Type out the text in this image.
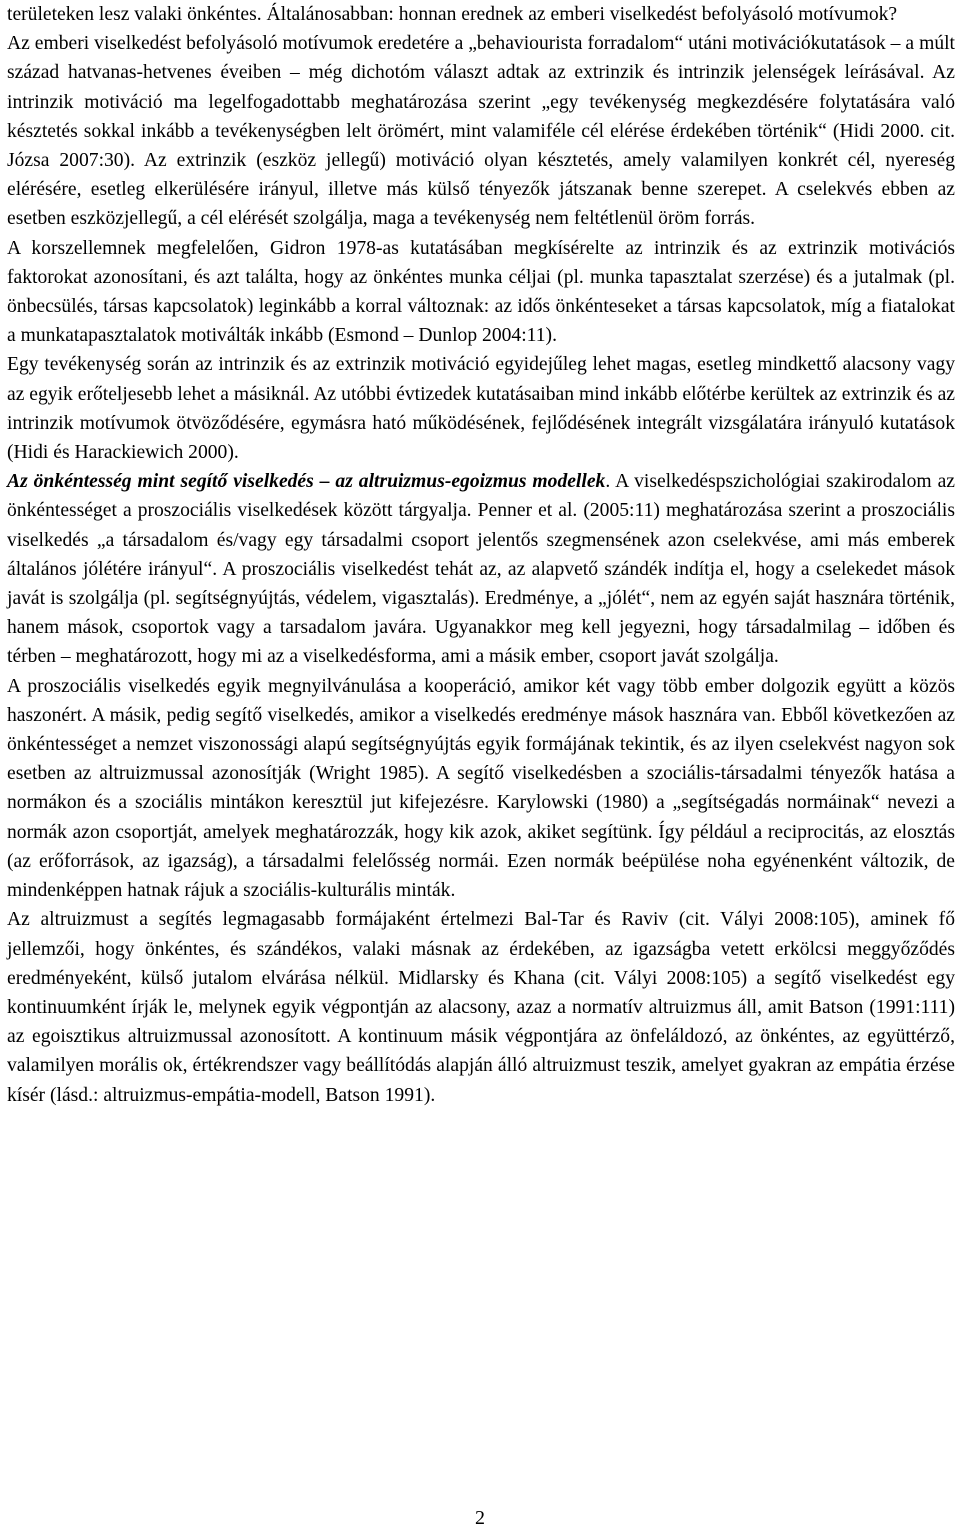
területeken lesz valaki önkéntes. Általánosabban: honnan erednek az emberi viselkedést befolyásoló motívumok?

Az emberi viselkedést befolyásoló motívumok eredetére a „behaviourista forradalom“ utáni motivációkutatások – a múlt század hatvanas-hetvenes éveiben – még dichotóm választ adtak az extrinzik és intrinzik jelenségek leírásával. Az intrinzik motiváció ma legelfogadottabb meghatározása szerint „egy tevékenység megkezdésére folytatására való késztetés sokkal inkább a tevékenységben lelt örömért, mint valamiféle cél elérése érdekében történik“ (Hidi 2000. cit. Józsa 2007:30). Az extrinzik (eszköz jellegű) motiváció olyan késztetés, amely valamilyen konkrét cél, nyereség elérésére, esetleg elkerülésére irányul, illetve más külső tényezők játszanak benne szerepet. A cselekvés ebben az esetben eszközjellegű, a cél elérését szolgálja, maga a tevékenység nem feltétlenül öröm forrás.

A korszellemnek megfelelően, Gidron 1978-as kutatásában megkísérelte az intrinzik és az extrinzik motivációs faktorokat azonosítani, és azt találta, hogy az önkéntes munka céljai (pl. munka tapasztalat szerzése) és a jutalmak (pl. önbecsülés, társas kapcsolatok) leginkább a korral változnak: az idős önkénteseket a társas kapcsolatok, míg a fiatalokat a munkatapasztalatok motiválták inkább (Esmond – Dunlop 2004:11).

Egy tevékenység során az intrinzik és az extrinzik motiváció egyidejűleg lehet magas, esetleg mindkettő alacsony vagy az egyik erőteljesebb lehet a másiknál. Az utóbbi évtizedek kutatásaiban mind inkább előtérbe kerültek az extrinzik és az intrinzik motívumok ötvöződésére, egymásra ható működésének, fejlődésének integrált vizsgálatára irányuló kutatások (Hidi és Harackiewich 2000).

Az önkéntesség mint segítő viselkedés – az altruizmus-egoizmus modellek. A viselkedéspszichológiai szakirodalom az önkéntességet a proszociális viselkedések között tárgyalja. Penner et al. (2005:11) meghatározása szerint a proszociális viselkedés „a társadalom és/vagy egy társadalmi csoport jelentős szegmensének azon cselekvése, ami más emberek általános jólétére irányul“. A proszociális viselkedést tehát az, az alapvető szándék indítja el, hogy a cselekedet mások javát is szolgálja (pl. segítségnyújtás, védelem, vigasztalás). Eredménye, a „jólét“, nem az egyén saját hasznára történik, hanem mások, csoportok vagy a tarsadalom javára. Ugyanakkor meg kell jegyezni, hogy társadalmilag – időben és térben – meghatározott, hogy mi az a viselkedésforma, ami a másik ember, csoport javát szolgálja.

A proszociális viselkedés egyik megnyilvánulása a kooperáció, amikor két vagy több ember dolgozik együtt a közös haszonért. A másik, pedig segítő viselkedés, amikor a viselkedés eredménye mások hasznára van. Ebből következően az önkéntességet a nemzet viszonossági alapú segítségnyújtás egyik formájának tekintik, és az ilyen cselekvést nagyon sok esetben az altruizmussal azonosítják (Wright 1985). A segítő viselkedésben a szociális-társadalmi tényezők hatása a normákon és a szociális mintákon keresztül jut kifejezésre. Karylowski (1980) a „segítségadás normáinak“ nevezi a normák azon csoportját, amelyek meghatározzák, hogy kik azok, akiket segítünk. Így például a reciprocitás, az elosztás (az erőforrások, az igazság), a társadalmi felelősség normái. Ezen normák beépülése noha egyénenként változik, de mindenképpen hatnak rájuk a szociális-kulturális minták.

Az altruizmust a segítés legmagasabb formájaként értelmezi Bal-Tar és Raviv (cit. Vályi 2008:105), aminek fő jellemzői, hogy önkéntes, és szándékos, valaki másnak az érdekében, az igazságba vetett erkölcsi meggyőződés eredményeként, külső jutalom elvárása nélkül. Midlarsky és Khana (cit. Vályi 2008:105) a segítő viselkedést egy kontinuumként írják le, melynek egyik végpontján az alacsony, azaz a normatív altruizmus áll, amit Batson (1991:111) az egoisztikus altruizmussal azonosított. A kontinuum másik végpontjára az önfeláldozó, az önkéntes, az együttérző, valamilyen morális ok, értékrendszer vagy beállítódás alapján álló altruizmust teszik, amelyet gyakran az empátia érzése kísér (lásd.: altruizmus-empátia-modell, Batson 1991).

2
